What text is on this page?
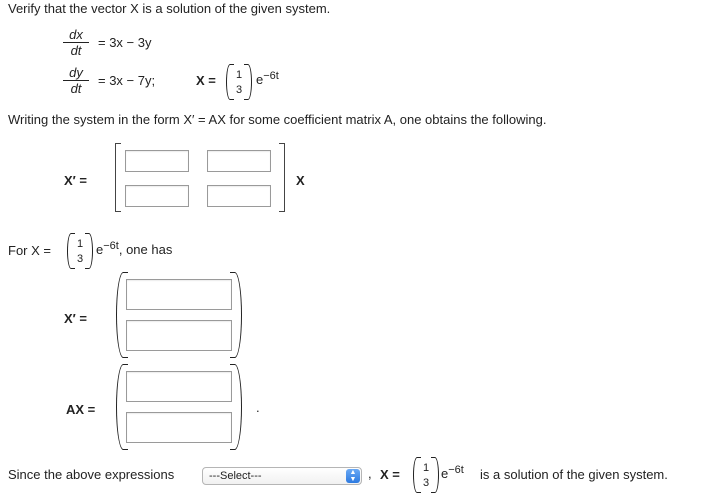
Verify that the vector X is a solution of the given system.
dx
dt
= 3x − 3y
dy
dt
= 3x − 7y;	X =	1
3
$e^{-6t}$
Writing the system in the form X′ = AX for some coefficient matrix A, one obtains the following.
X′ =	X
For X =	1
3
$e^{-6t}$, one has
X′ =
AX =	.
Since the above expressions	---Select---	▲
▼ , X =	1
3
$e^{-6t}$ is a solution of the given system.
